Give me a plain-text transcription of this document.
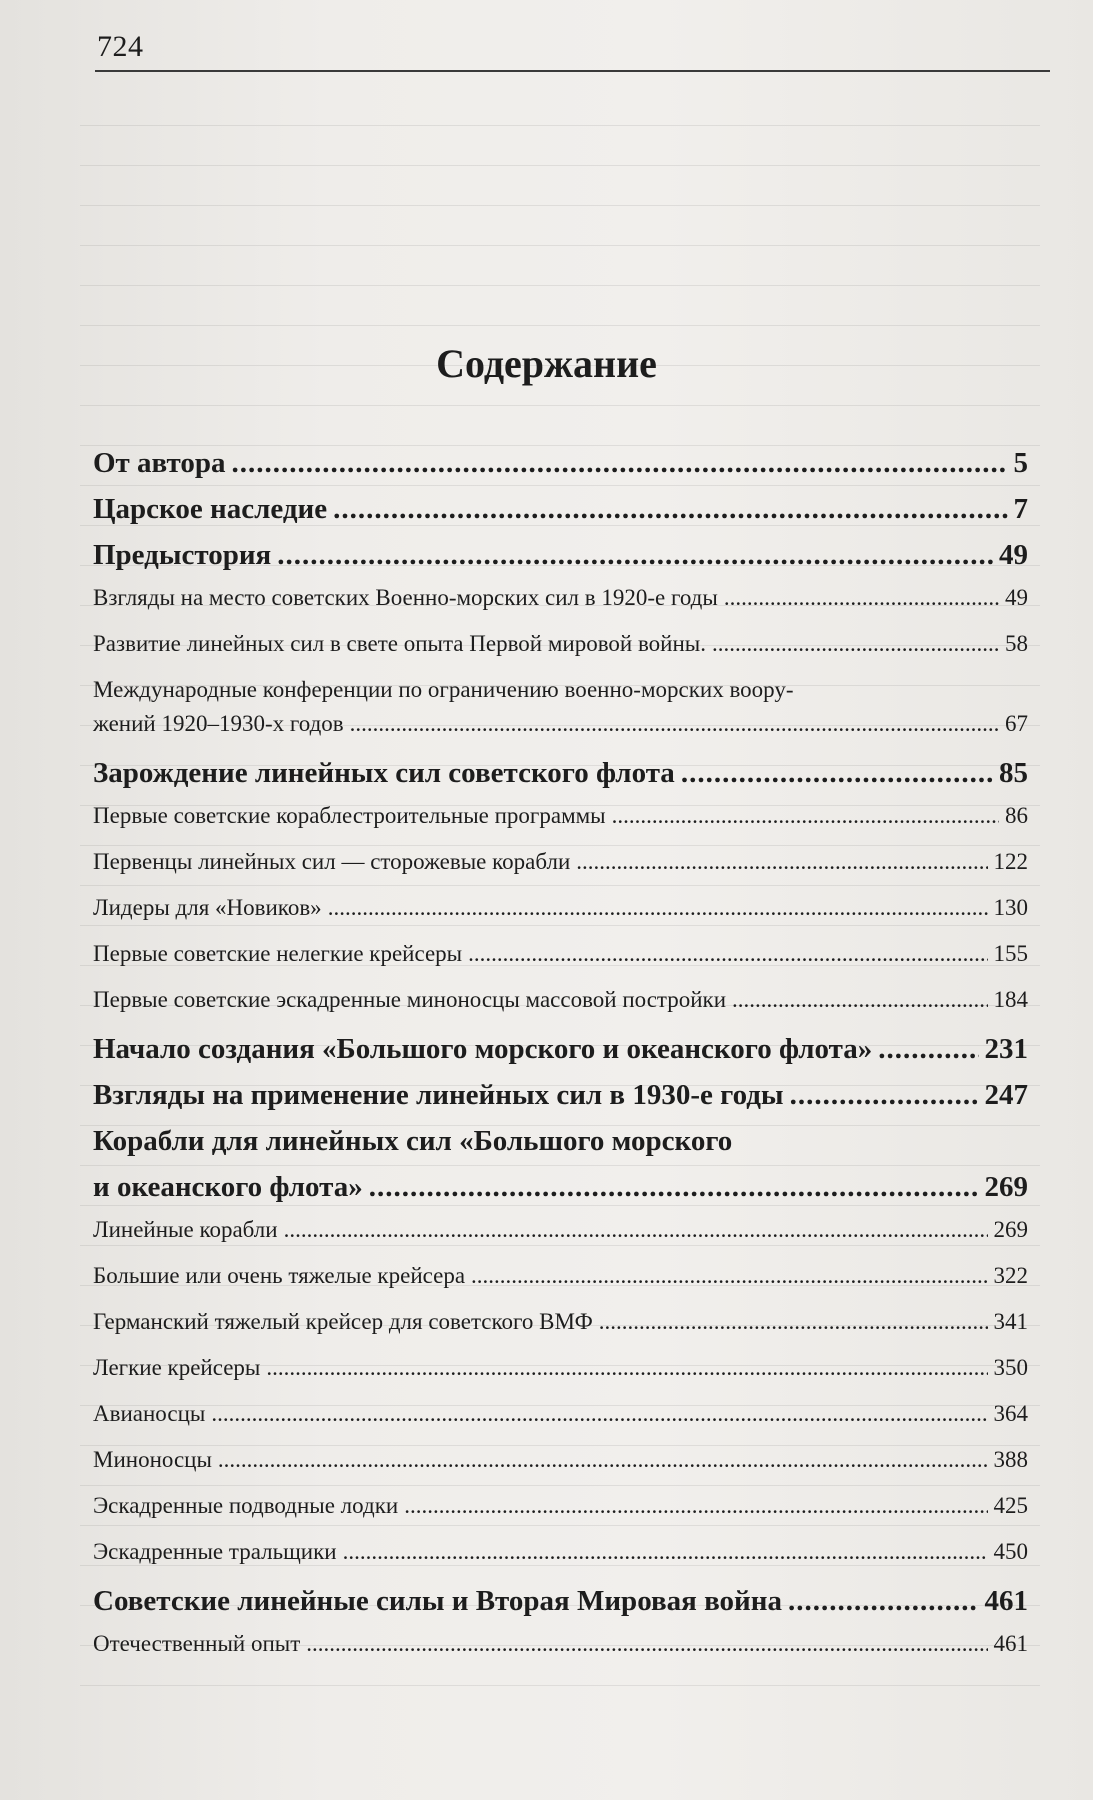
724
Содержание
От автора .....	5
Царское наследие .....	7
Предыстория .....	49
Взгляды на место советских Военно-морских сил в 1920-е годы .....	49
Развитие линейных сил в свете опыта Первой мировой войны. .....	58
Международные конференции по ограничению военно-морских воору-
жений 1920–1930-х годов .....	67
Зарождение линейных сил советского флота .....	85
Первые советские кораблестроительные программы .....	86
Первенцы линейных сил — сторожевые корабли .....	122
Лидеры для «Новиков» .....	130
Первые советские нелегкие крейсеры .....	155
Первые советские эскадренные миноносцы массовой постройки .....	184
Начало создания «Большого морского и океанского флота» .....	231
Взгляды на применение линейных сил в 1930-е годы .....	247
Корабли для линейных сил «Большого морского
и океанского флота» .....	269
Линейные корабли .....	269
Большие или очень тяжелые крейсера .....	322
Германский тяжелый крейсер для советского ВМФ .....	341
Легкие крейсеры .....	350
Авианосцы .....	364
Миноносцы .....	388
Эскадренные подводные лодки .....	425
Эскадренные тральщики .....	450
Советские линейные силы и Вторая Мировая война .....	461
Отечественный опыт .....	461
